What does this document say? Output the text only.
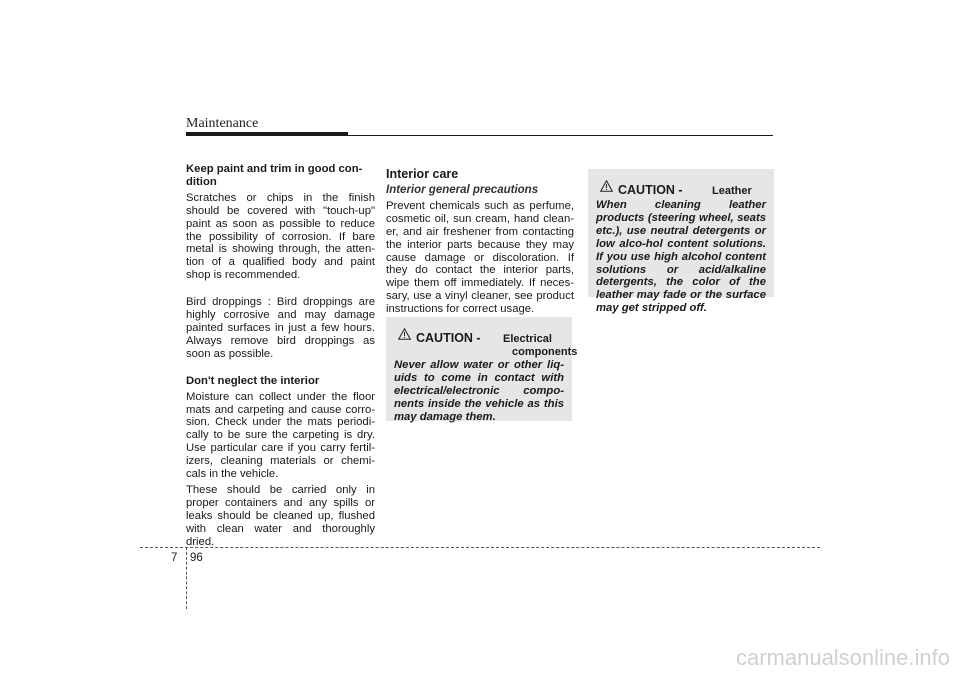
Maintenance

Keep paint and trim in good con-dition

Scratches or chips in the finish should be covered with "touch-up" paint as soon as possible to reduce the possibility of corrosion. If bare metal is showing through, the atten-tion of a qualified body and paint shop is recommended.

Bird droppings : Bird droppings are highly corrosive and may damage painted surfaces in just a few hours. Always remove bird droppings as soon as possible.

Don't neglect the interior

Moisture can collect under the floor mats and carpeting and cause corro-sion. Check under the mats periodi-cally to be sure the carpeting is dry. Use particular care if you carry fertil-izers, cleaning materials or chemi-cals in the vehicle.

These should be carried only in proper containers and any spills or leaks should be cleaned up, flushed with clean water and thoroughly dried.

Interior care

Interior general precautions

Prevent chemicals such as perfume, cosmetic oil, sun cream, hand clean-er, and air freshener from contacting the interior parts because they may cause damage or discoloration. If they do contact the interior parts, wipe them off immediately. If neces-sary, use a vinyl cleaner, see product instructions for correct usage.

CAUTION - Electrical
components
Never allow water or other liq-uids to come in contact with electrical/electronic compo-nents inside the vehicle as this may damage them.
CAUTION -	Leather
When cleaning leather products (steering wheel, seats etc.), use neutral detergents or low alco-hol content solutions. If you use high alcohol content solutions or acid/alkaline detergents, the color of the leather may fade or the surface may get stripped off.
7 96
carmanualsonline.info
